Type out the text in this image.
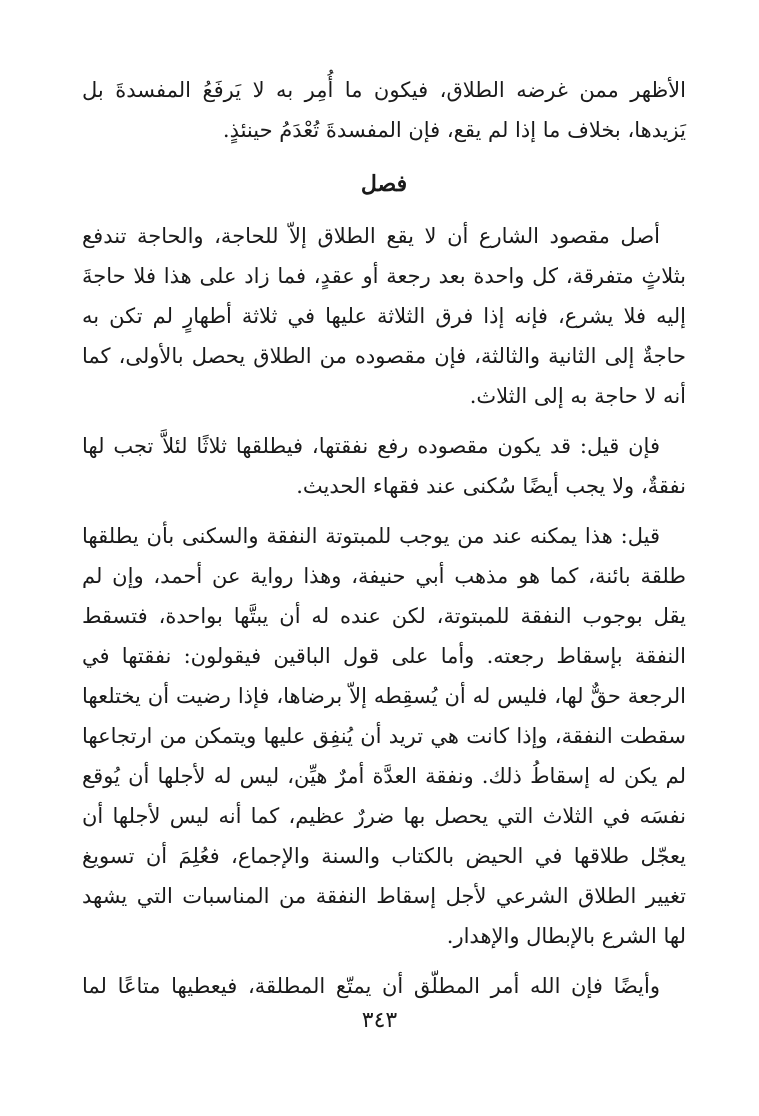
الأظهر ممن غرضه الطلاق، فيكون ما أُمِر به لا يَرفَعُ المفسدةَ بل يَزيدها، بخلاف ما إذا لم يقع، فإن المفسدةَ تُعْدَمُ حينئذٍ.

فصل

أصل مقصود الشارع أن لا يقع الطلاق إلاّ للحاجة، والحاجة تندفع بثلاثٍ متفرقة، كل واحدة بعد رجعة أو عقدٍ، فما زاد على هذا فلا حاجةَ إليه فلا يشرع، فإنه إذا فرق الثلاثة عليها في ثلاثة أطهارٍ لم تكن به حاجةٌ إلى الثانية والثالثة، فإن مقصوده من الطلاق يحصل بالأولى، كما أنه لا حاجة به إلى الثلاث.

فإن قيل: قد يكون مقصوده رفع نفقتها، فيطلقها ثلاثًا لئلاَّ تجب لها نفقةٌ، ولا يجب أيضًا سُكنى عند فقهاء الحديث.

قيل: هذا يمكنه عند من يوجب للمبتوتة النفقة والسكنى بأن يطلقها طلقة بائنة، كما هو مذهب أبي حنيفة، وهذا رواية عن أحمد، وإن لم يقل بوجوب النفقة للمبتوتة، لكن عنده له أن يبتَّها بواحدة، فتسقط النفقة بإسقاط رجعته. وأما على قول الباقين فيقولون: نفقتها في الرجعة حقٌّ لها، فليس له أن يُسقِطه إلاّ برضاها، فإذا رضيت أن يختلعها سقطت النفقة، وإذا كانت هي تريد أن يُنفِق عليها ويتمكن من ارتجاعها لم يكن له إسقاطُ ذلك. ونفقة العدَّة أمرٌ هيِّن، ليس له لأجلها أن يُوقع نفسَه في الثلاث التي يحصل بها ضررٌ عظيم، كما أنه ليس لأجلها أن يعجّل طلاقها في الحيض بالكتاب والسنة والإجماع، فعُلِمَ أن تسويغ تغيير الطلاق الشرعي لأجل إسقاط النفقة من المناسبات التي يشهد لها الشرع بالإبطال والإهدار.

وأيضًا فإن الله أمر المطلّق أن يمتّع المطلقة، فيعطيها متاعًا لما

٣٤٣
